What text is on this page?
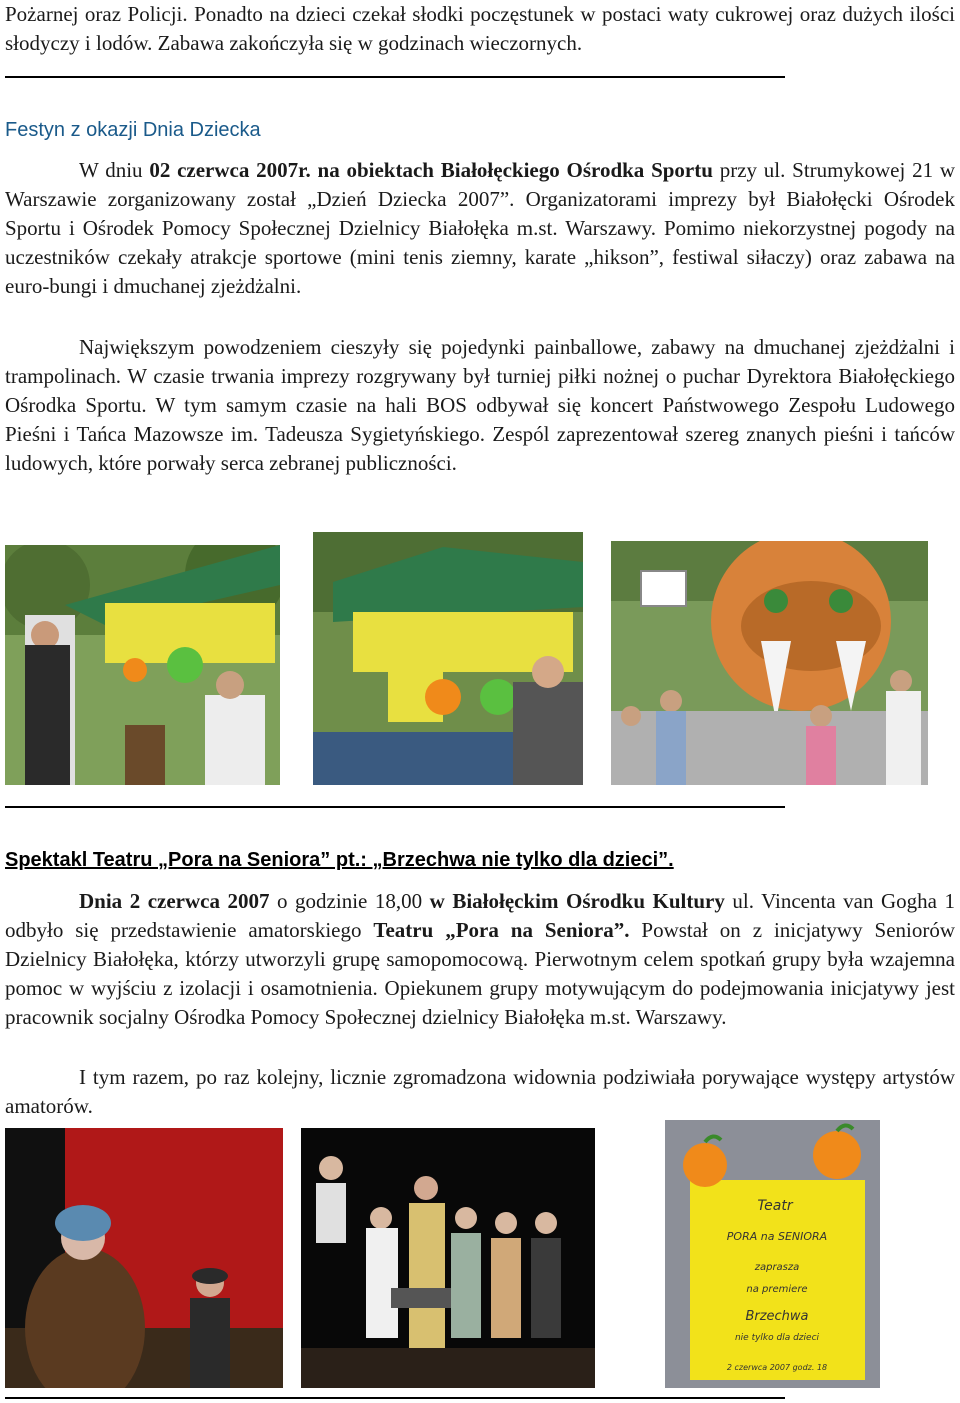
Pożarnej oraz Policji. Ponadto na dzieci czekał słodki poczęstunek w postaci waty cukrowej oraz dużych ilości słodyczy i lodów. Zabawa zakończyła się w godzinach wieczornych.

Festyn z okazji Dnia Dziecka

W dniu 02 czerwca 2007r. na obiektach Białołęckiego Ośrodka Sportu przy ul. Strumykowej 21 w Warszawie zorganizowany został „Dzień Dziecka 2007”. Organizatorami imprezy był Białołęcki Ośrodek Sportu i Ośrodek Pomocy Społecznej Dzielnicy Białołęka m.st. Warszawy. Pomimo niekorzystnej pogody na uczestników czekały atrakcje sportowe (mini tenis ziemny, karate „hikson”, festiwal siłaczy) oraz zabawa na euro-bungi i dmuchanej zjeżdżalni.

Największym powodzeniem cieszyły się pojedynki painballowe, zabawy na dmuchanej zjeżdżalni i trampolinach. W czasie trwania imprezy rozgrywany był turniej piłki nożnej o puchar Dyrektora Białołęckiego Ośrodka Sportu. W tym samym czasie na hali BOS odbywał się koncert Państwowego Zespołu Ludowego Pieśni i Tańca Mazowsze im. Tadeusza Sygietyńskiego. Zespól zaprezentował szereg znanych pieśni i tańców ludowych, które porwały serca zebranej publiczności.

Spektakl Teatru „Pora na Seniora” pt.: „Brzechwa nie tylko dla dzieci”.

Dnia 2 czerwca 2007 o godzinie 18,00 w Białołęckim Ośrodku Kultury ul. Vincenta van Gogha 1 odbyło się przedstawienie amatorskiego Teatru „Pora na Seniora”. Powstał on z inicjatywy Seniorów Dzielnicy Białołęka, którzy utworzyli grupę samopomocową. Pierwotnym celem spotkań grupy była wzajemna pomoc w wyjściu z izolacji i osamotnienia. Opiekunem grupy motywującym do podejmowania inicjatywy jest pracownik socjalny Ośrodka Pomocy Społecznej dzielnicy Białołęka m.st. Warszawy.

I tym razem, po raz kolejny, licznie zgromadzona widownia podziwiała porywające występy artystów amatorów.

Teatr
PORA na SENIORA
zaprasza
na premiere
Brzechwa
nie tylko dla dzieci
2 czerwca 2007 godz. 18
